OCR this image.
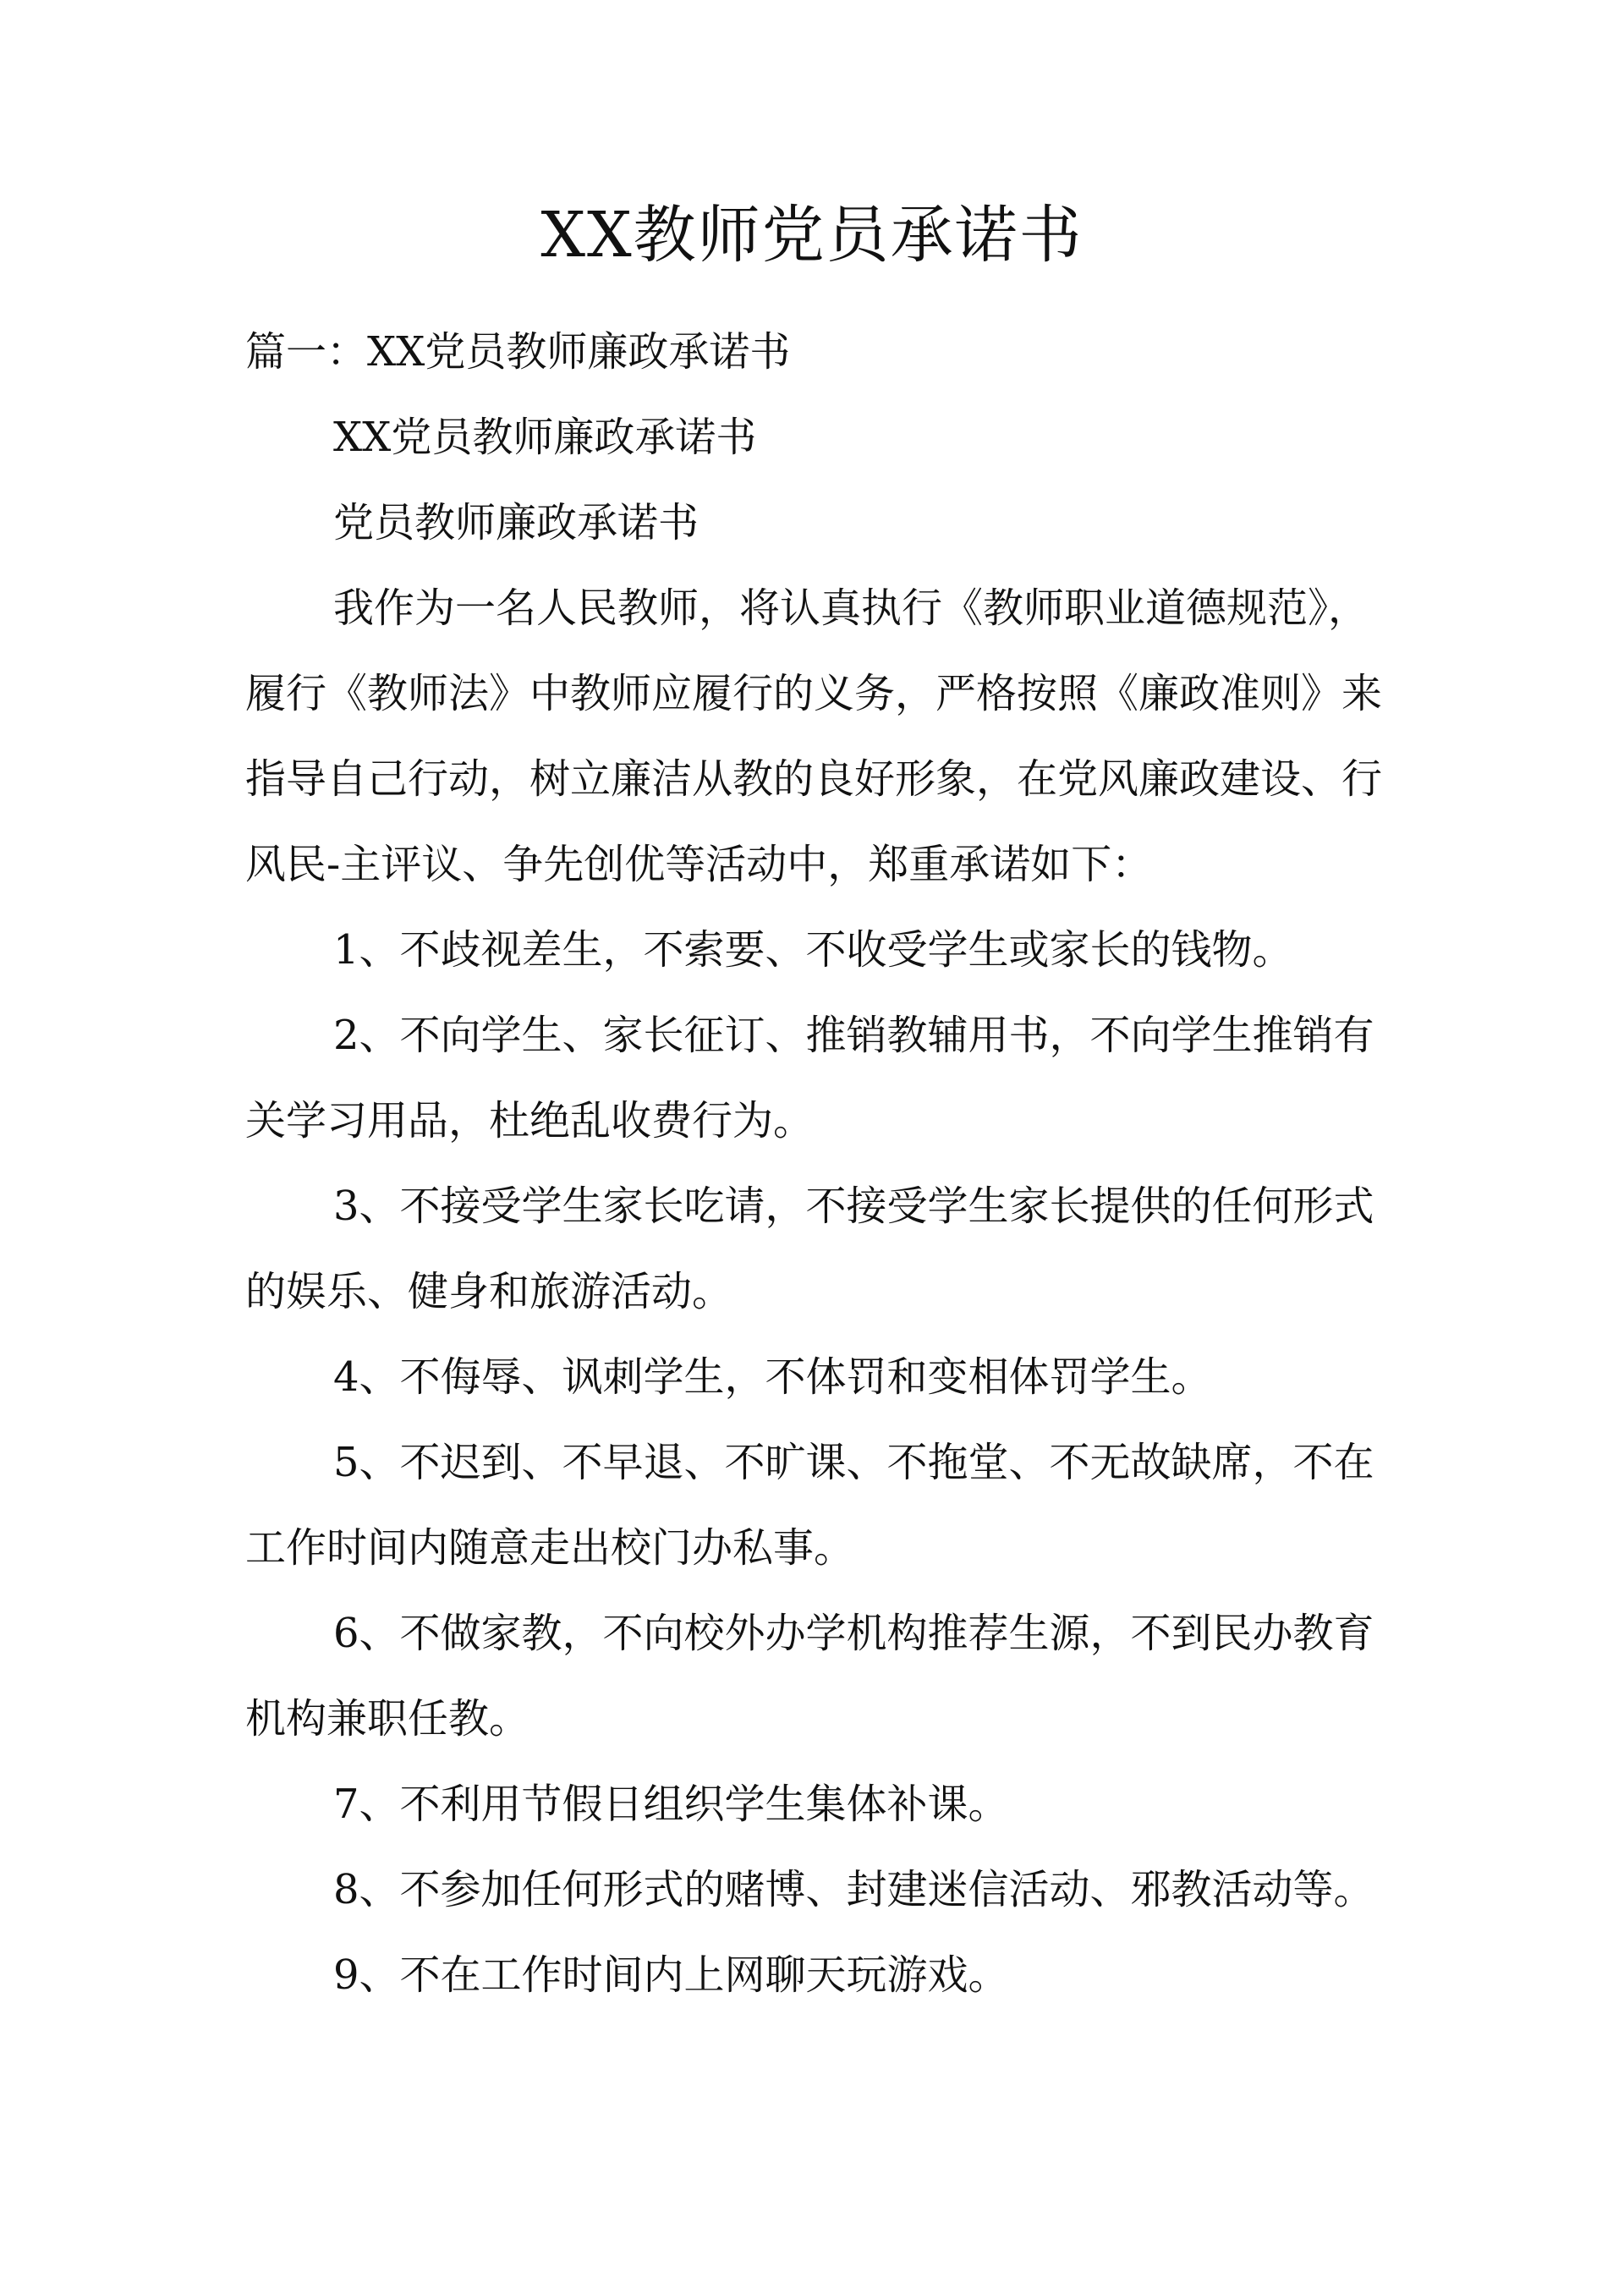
XX教师党员承诺书

篇一：XX党员教师廉政承诺书

XX党员教师廉政承诺书

党员教师廉政承诺书

我作为一名人民教师，将认真执行《教师职业道德规范》，履行《教师法》中教师应履行的义务，严格按照《廉政准则》来指导自己行动，树立廉洁从教的良好形象，在党风廉政建设、行风民-主评议、争先创优等活动中，郑重承诺如下：

1、不歧视差生，不索要、不收受学生或家长的钱物。

2、不向学生、家长征订、推销教辅用书，不向学生推销有关学习用品，杜绝乱收费行为。

3、不接受学生家长吃请，不接受学生家长提供的任何形式的娱乐、健身和旅游活动。

4、不侮辱、讽刺学生，不体罚和变相体罚学生。

5、不迟到、不早退、不旷课、不拖堂、不无故缺席，不在工作时间内随意走出校门办私事。

6、不做家教，不向校外办学机构推荐生源，不到民办教育机构兼职任教。

7、不利用节假日组织学生集体补课。

8、不参加任何形式的赌博、封建迷信活动、邪教活动等。

9、不在工作时间内上网聊天玩游戏。
